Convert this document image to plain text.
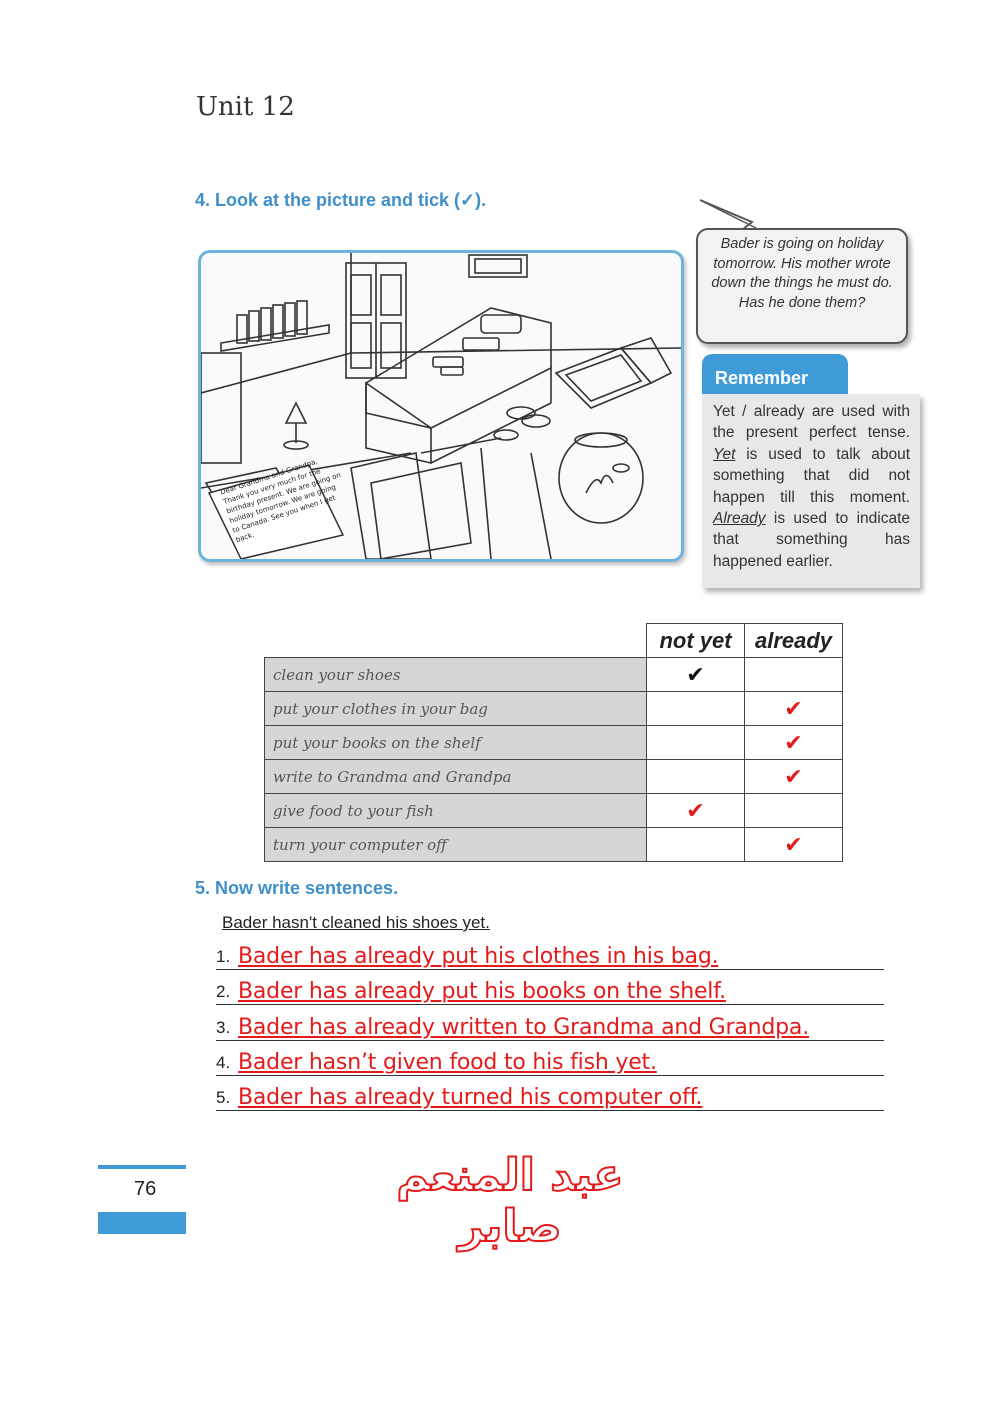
Unit 12
4. Look at the picture and tick (✓).
Dear Grandma and Grandpa, Thank you very much for the birthday present. We are going on holiday tomorrow. We are going to Canada. See you when I get back.
Bader is going on holiday tomorrow. His mother wrote down the things he must do. Has he done them?
Remember
Yet / already are used with the present perfect tense. Yet is used to talk about something that did not happen till this moment. Already is used to indicate that something has happened earlier.
	not yet	already
clean your shoes	✔	
put your clothes in your bag		✔
put your books on the shelf		✔
write to Grandma and Grandpa		✔
give food to your fish	✔	
turn your computer off		✔
5. Now write sentences.
Bader hasn't cleaned his shoes yet.
1. Bader has already put his clothes in his bag.
2. Bader has already put his books on the shelf.
3. Bader has already written to Grandma and Grandpa.
4. Bader hasn’t given food to his fish yet.
5. Bader has already turned his computer off.
76	عبد المنعم صابر
